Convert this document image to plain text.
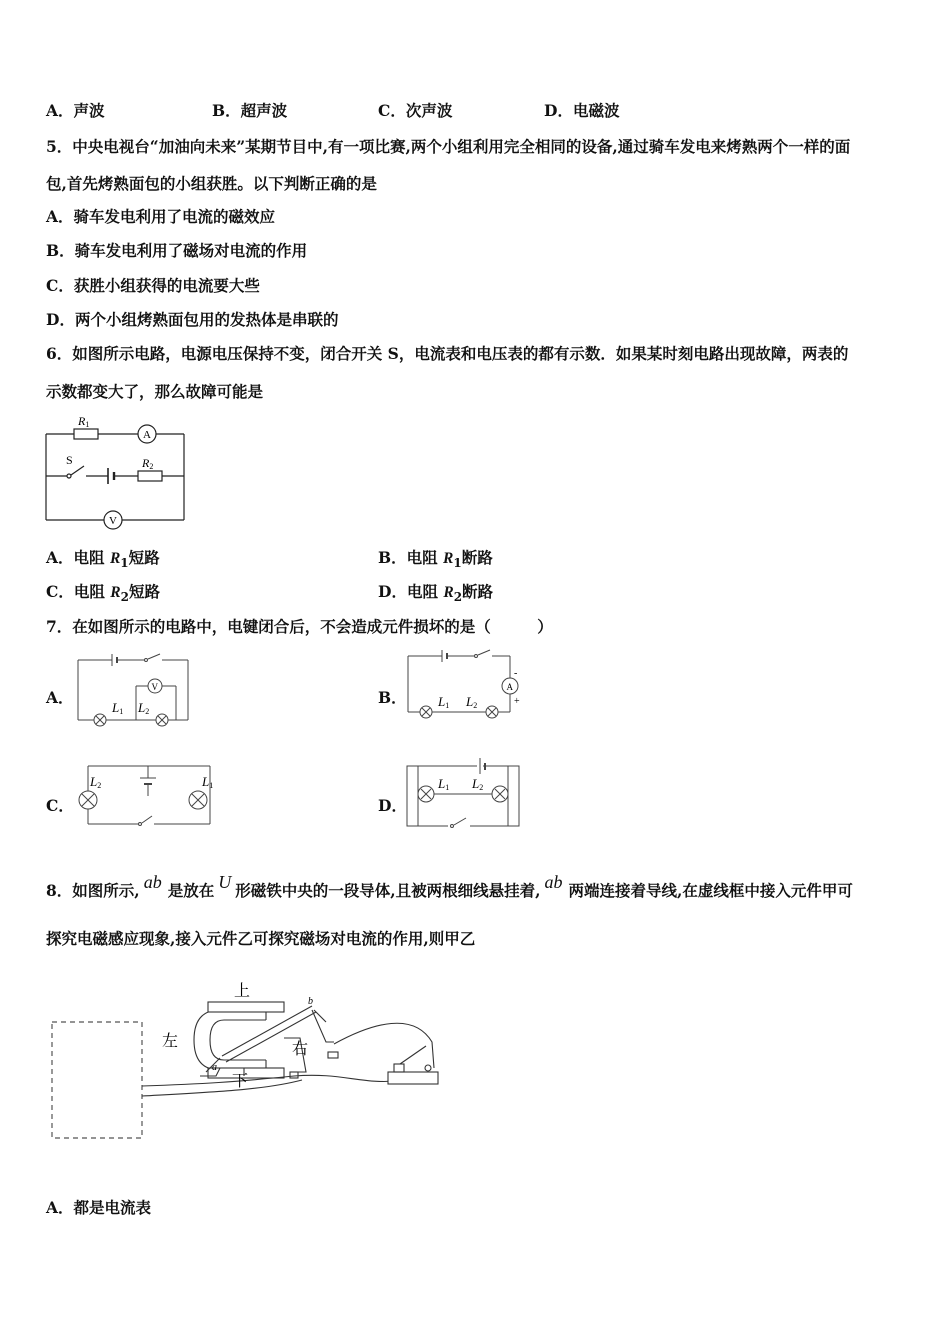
A．声波	B．超声波	C．次声波	D．电磁波
5．中央电视台“加油向未来”某期节目中,有一项比赛,两个小组利用完全相同的设备,通过骑车发电来烤熟两个一样的面
包,首先烤熟面包的小组获胜。以下判断正确的是
A．骑车发电利用了电流的磁效应
B．骑车发电利用了磁场对电流的作用
C．获胜小组获得的电流要大些
D．两个小组烤熟面包用的发热体是串联的
6．如图所示电路，电源电压保持不变，闭合开关 S，电流表和电压表的都有示数．如果某时刻电路出现故障，两表的
示数都变大了，那么故障可能是
R1
A
S	R2
V
A．电阻 $R_1$短路	B．电阻 $R_1$断路
C．电阻 $R_2$短路	D．电阻 $R_2$断路
7．在如图所示的电路中，电键闭合后，不会造成元件损坏的是（　　　）
A．
V
L1 L2
B．
A
-
+
L1 L2
C．
L2	L1
D．
L1 L2
8．如图所示, ab 是放在 U 形磁铁中央的一段导体,且被两根细线悬挂着, ab 两端连接着导线,在虚线框中接入元件甲可
探究电磁感应现象,接入元件乙可探究磁场对电流的作用,则甲乙
上
左	右
下
a
b
A．都是电流表
